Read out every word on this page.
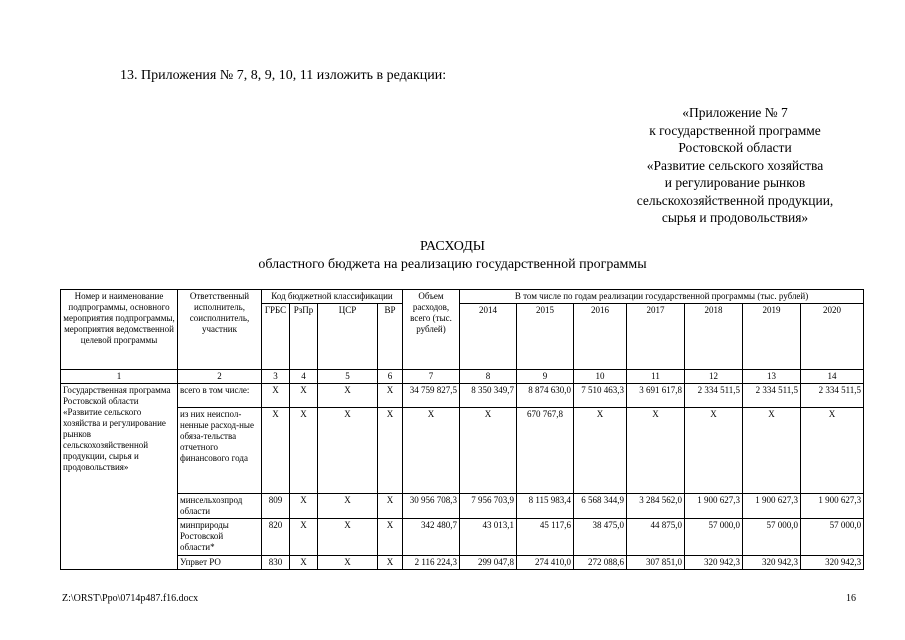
13. Приложения № 7, 8, 9, 10, 11 изложить в редакции:
«Приложение № 7
к государственной программе
Ростовской области
«Развитие сельского хозяйства
и регулирование рынков
сельскохозяйственной продукции,
сырья и продовольствия»
РАСХОДЫ
областного бюджета на реализацию государственной программы
Номер и наименование подпрограммы, основного мероприятия подпрограммы, мероприятия ведомственной целевой программы	Ответственный исполнитель, соисполнитель, участник	Код бюджетной классификации				Объем расходов, всего (тыс. рублей)	В том числе по годам реализации государственной программы (тыс. рублей)						
		ГРБС	РзПр	ЦСР	ВР		2014	2015	2016	2017	2018	2019	2020
1	2	3	4	5	6	7	8	9	10	11	12	13	14
Государственная программа Ростовской области «Развитие сельского хозяйства и регулирование рынков сельскохозяйственной продукции, сырья и продовольствия»	всего в том числе:	Х	Х	Х	Х	34 759 827,5	8 350 349,7	8 874 630,0	7 510 463,3	3 691 617,8	2 334 511,5	2 334 511,5	2 334 511,5
	из них неиспол-ненные расход-ные обяза-тельства отчетного финансового года	Х	Х	Х	Х	Х	Х	670 767,8	Х	Х	Х	Х	Х
	минсельхозпрод области	809	Х	Х	Х	30 956 708,3	7 956 703,9	8 115 983,4	6 568 344,9	3 284 562,0	1 900 627,3	1 900 627,3	1 900 627,3
	минприроды Ростовской области*	820	Х	Х	Х	342 480,7	43 013,1	45 117,6	38 475,0	44 875,0	57 000,0	57 000,0	57 000,0
	Упрвет РО	830	Х	Х	Х	2 116 224,3	299 047,8	274 410,0	272 088,6	307 851,0	320 942,3	320 942,3	320 942,3
Z:\ORST\Ppo\0714p487.f16.docx	16
